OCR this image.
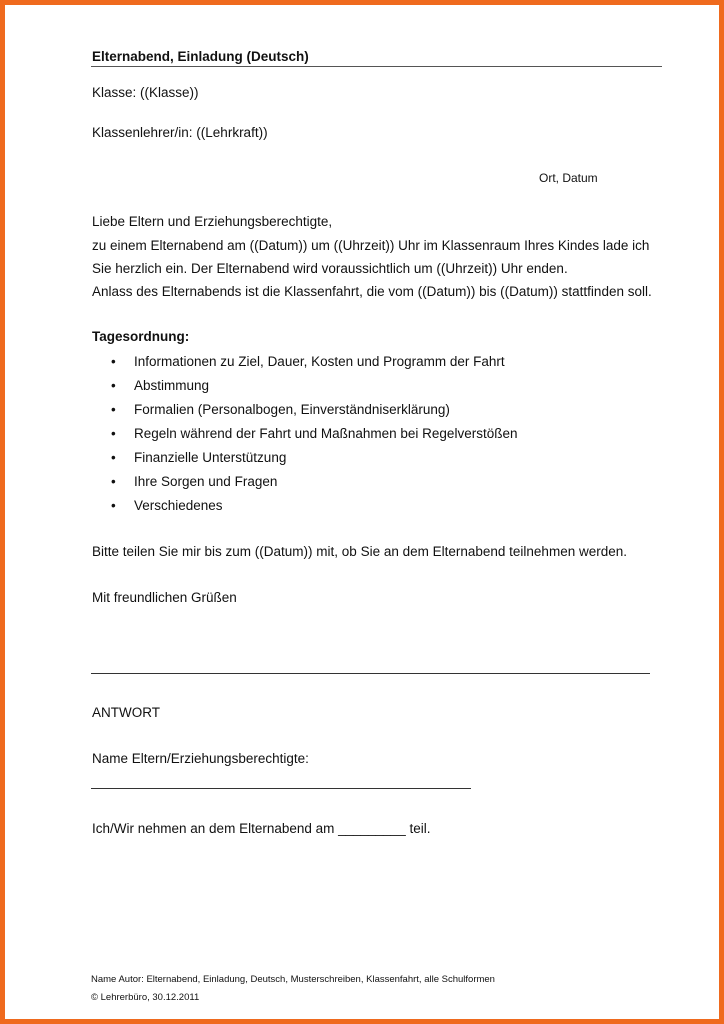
Elternabend, Einladung (Deutsch)
Klasse: ((Klasse))
Klassenlehrer/in: ((Lehrkraft))
Ort, Datum
Liebe Eltern und Erziehungsberechtigte,
zu einem Elternabend am ((Datum)) um ((Uhrzeit)) Uhr im Klassenraum Ihres Kindes lade ich
Sie herzlich ein. Der Elternabend wird voraussichtlich um ((Uhrzeit)) Uhr enden.
Anlass des Elternabends ist die Klassenfahrt, die vom ((Datum)) bis ((Datum)) stattfinden soll.
Tagesordnung:
• Informationen zu Ziel, Dauer, Kosten und Programm der Fahrt
• Abstimmung
• Formalien (Personalbogen, Einverständniserklärung)
• Regeln während der Fahrt und Maßnahmen bei Regelverstößen
• Finanzielle Unterstützung
• Ihre Sorgen und Fragen
• Verschiedenes
Bitte teilen Sie mir bis zum ((Datum)) mit, ob Sie an dem Elternabend teilnehmen werden.
Mit freundlichen Grüßen
ANTWORT
Name Eltern/Erziehungsberechtigte:
Ich/Wir nehmen an dem Elternabend am _________ teil.
Name Autor: Elternabend, Einladung, Deutsch, Musterschreiben, Klassenfahrt, alle Schulformen
© Lehrerbüro, 30.12.2011
